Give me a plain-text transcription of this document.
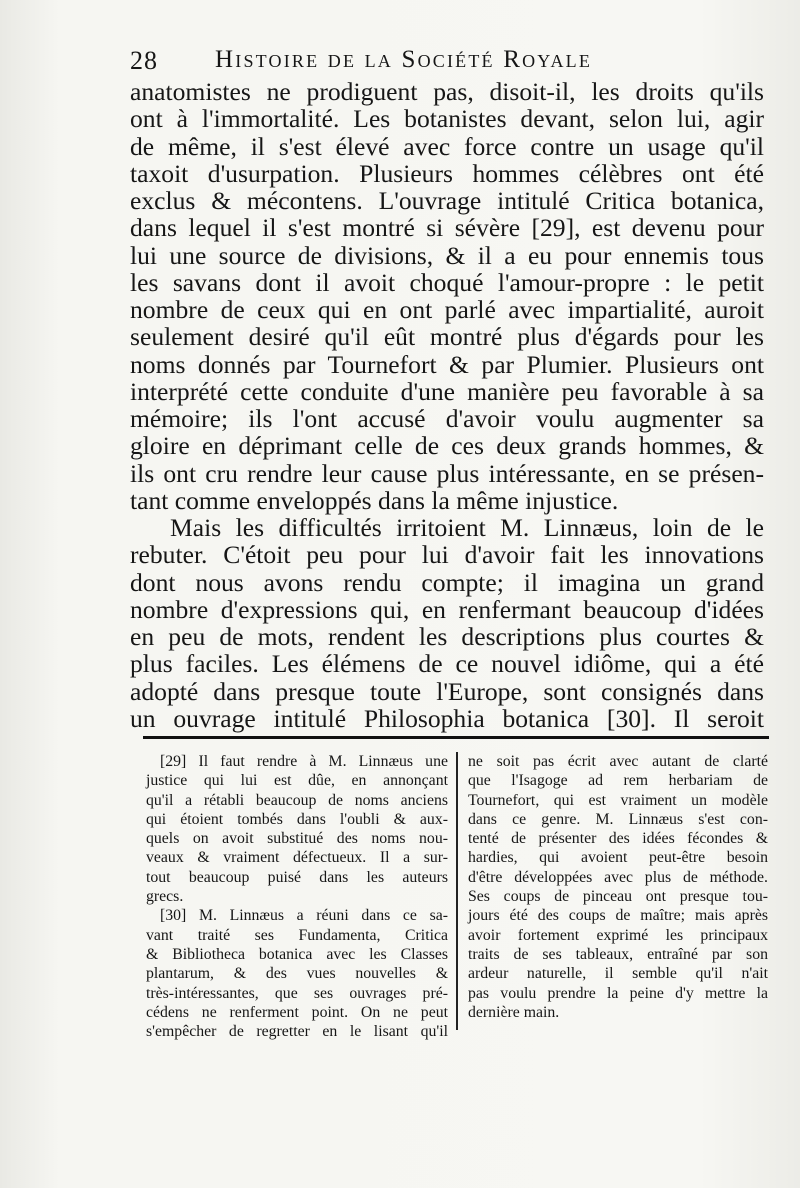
28 Histoire de la Société Royale
anatomistes ne prodiguent pas, disoit-il, les droits qu'ils
ont à l'immortalité. Les botanistes devant, selon lui, agir
de même, il s'est élevé avec force contre un usage qu'il
taxoit d'usurpation. Plusieurs hommes célèbres ont été
exclus & mécontens. L'ouvrage intitulé Critica botanica,
dans lequel il s'est montré si sévère [29], est devenu pour
lui une source de divisions, & il a eu pour ennemis tous
les savans dont il avoit choqué l'amour-propre : le petit
nombre de ceux qui en ont parlé avec impartialité, auroit
seulement desiré qu'il eût montré plus d'égards pour les
noms donnés par Tournefort & par Plumier. Plusieurs ont
interprété cette conduite d'une manière peu favorable à sa
mémoire; ils l'ont accusé d'avoir voulu augmenter sa
gloire en déprimant celle de ces deux grands hommes, &
ils ont cru rendre leur cause plus intéressante, en se présen-
tant comme enveloppés dans la même injustice.
Mais les difficultés irritoient M. Linnæus, loin de le
rebuter. C'étoit peu pour lui d'avoir fait les innovations
dont nous avons rendu compte; il imagina un grand
nombre d'expressions qui, en renfermant beaucoup d'idées
en peu de mots, rendent les descriptions plus courtes &
plus faciles. Les élémens de ce nouvel idiôme, qui a été
adopté dans presque toute l'Europe, sont consignés dans
un ouvrage intitulé Philosophia botanica [30]. Il seroit
[29] Il faut rendre à M. Linnæus une
justice qui lui est dûe, en annonçant
qu'il a rétabli beaucoup de noms anciens
qui étoient tombés dans l'oubli & aux-
quels on avoit substitué des noms nou-
veaux & vraiment défectueux. Il a sur-
tout beaucoup puisé dans les auteurs
grecs.
[30] M. Linnæus a réuni dans ce sa-
vant traité ses Fundamenta, Critica
& Bibliotheca botanica avec les Classes
plantarum, & des vues nouvelles &
très-intéressantes, que ses ouvrages pré-
cédens ne renferment point. On ne peut
s'empêcher de regretter en le lisant qu'il
ne soit pas écrit avec autant de clarté
que l'Isagoge ad rem herbariam de
Tournefort, qui est vraiment un modèle
dans ce genre. M. Linnæus s'est con-
tenté de présenter des idées fécondes &
hardies, qui avoient peut-être besoin
d'être développées avec plus de méthode.
Ses coups de pinceau ont presque tou-
jours été des coups de maître; mais après
avoir fortement exprimé les principaux
traits de ses tableaux, entraîné par son
ardeur naturelle, il semble qu'il n'ait
pas voulu prendre la peine d'y mettre la
dernière main.
